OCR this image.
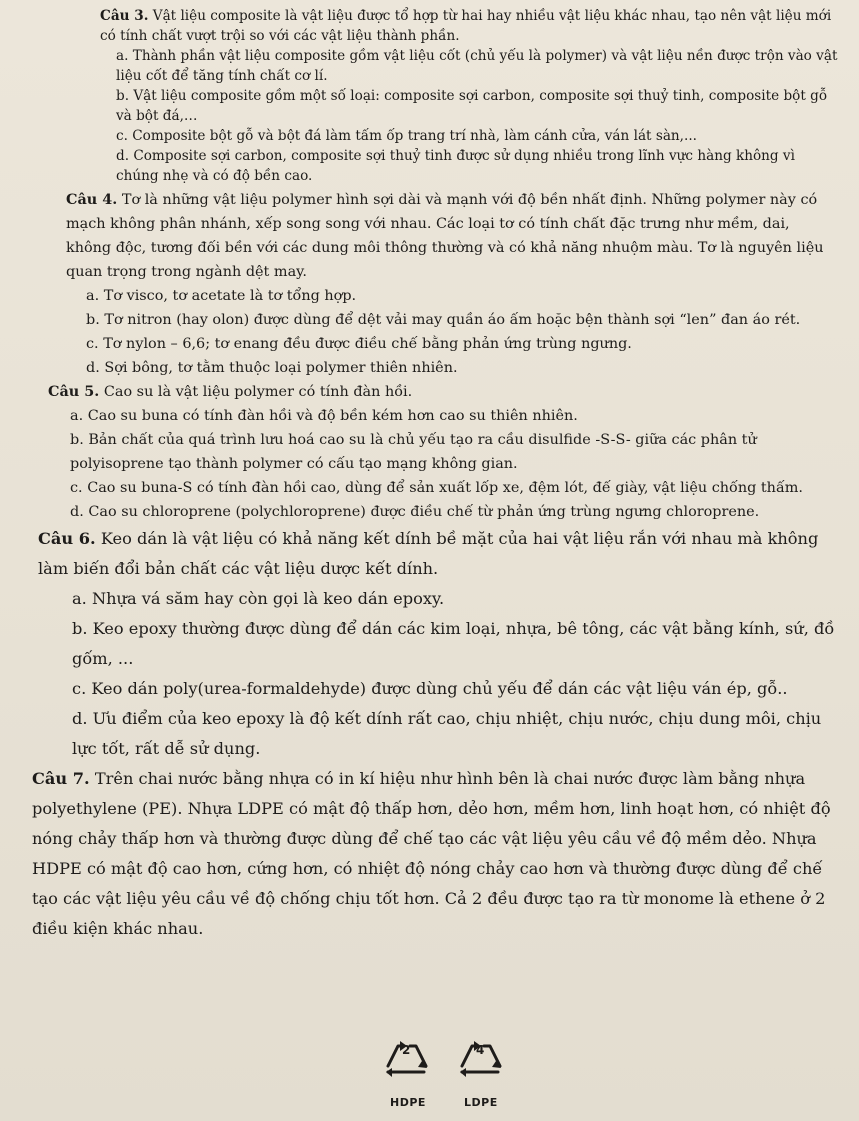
Câu 3. Vật liệu composite là vật liệu được tổ hợp từ hai hay nhiều vật liệu khác nhau, tạo nên vật liệu mới có tính chất vượt trội so với các vật liệu thành phần.

a. Thành phần vật liệu composite gồm vật liệu cốt (chủ yếu là polymer) và vật liệu nền được trộn vào vật liệu cốt để tăng tính chất cơ lí.

b. Vật liệu composite gồm một số loại: composite sợi carbon, composite sợi thuỷ tinh, composite bột gỗ và bột đá,…

c. Composite bột gỗ và bột đá làm tấm ốp trang trí nhà, làm cánh cửa, ván lát sàn,...

d. Composite sợi carbon, composite sợi thuỷ tinh được sử dụng nhiều trong lĩnh vực hàng không vì chúng nhẹ và có độ bền cao.

Câu 4. Tơ là những vật liệu polymer hình sợi dài và mạnh với độ bền nhất định. Những polymer này có mạch không phân nhánh, xếp song song với nhau. Các loại tơ có tính chất đặc trưng như mềm, dai, không độc, tương đối bền với các dung môi thông thường và có khả năng nhuộm màu. Tơ là nguyên liệu quan trọng trong ngành dệt may.

a. Tơ visco, tơ acetate là tơ tổng hợp.

b. Tơ nitron (hay olon) được dùng để dệt vải may quần áo ấm hoặc bện thành sợi “len” đan áo rét.

c. Tơ nylon – 6,6; tơ enang đều được điều chế bằng phản ứng trùng ngưng.

d. Sợi bông, tơ tằm thuộc loại polymer thiên nhiên.

Câu 5. Cao su là vật liệu polymer có tính đàn hồi.

a. Cao su buna có tính đàn hồi và độ bền kém hơn cao su thiên nhiên.

b. Bản chất của quá trình lưu hoá cao su là chủ yếu tạo ra cầu disulfide -S-S- giữa các phân tử polyisoprene tạo thành polymer có cấu tạo mạng không gian.

c. Cao su buna-S có tính đàn hồi cao, dùng để sản xuất lốp xe, đệm lót, đế giày, vật liệu chống thấm.

d. Cao su chloroprene (polychloroprene) được điều chế từ phản ứng trùng ngưng chloroprene.

Câu 6. Keo dán là vật liệu có khả năng kết dính bề mặt của hai vật liệu rắn với nhau mà không làm biến đổi bản chất các vật liệu dược kết dính.

a. Nhựa vá săm hay còn gọi là keo dán epoxy.

b. Keo epoxy thường được dùng để dán các kim loại, nhựa, bê tông, các vật bằng kính, sứ, đồ gốm, ...

c. Keo dán poly(urea-formaldehyde) được dùng chủ yếu để dán các vật liệu ván ép, gỗ..

d. Ưu điểm của keo epoxy là độ kết dính rất cao, chịu nhiệt, chịu nước, chịu dung môi, chịu lực tốt, rất dễ sử dụng.

Câu 7. Trên chai nước bằng nhựa có in kí hiệu như hình bên là chai nước được làm bằng nhựa polyethylene (PE). Nhựa LDPE có mật độ thấp hơn, dẻo hơn, mềm hơn, linh hoạt hơn, có nhiệt độ nóng chảy thấp hơn và thường được dùng để chế tạo các vật liệu yêu cầu về độ mềm dẻo. Nhựa HDPE có mật độ cao hơn, cứng hơn, có nhiệt độ nóng chảy cao hơn và thường được dùng để chế tạo các vật liệu yêu cầu về độ chống chịu tốt hơn. Cả 2 đều được tạo ra từ monome là ethene ở 2 điều kiện khác nhau.

2	4
HDPE	LDPE
